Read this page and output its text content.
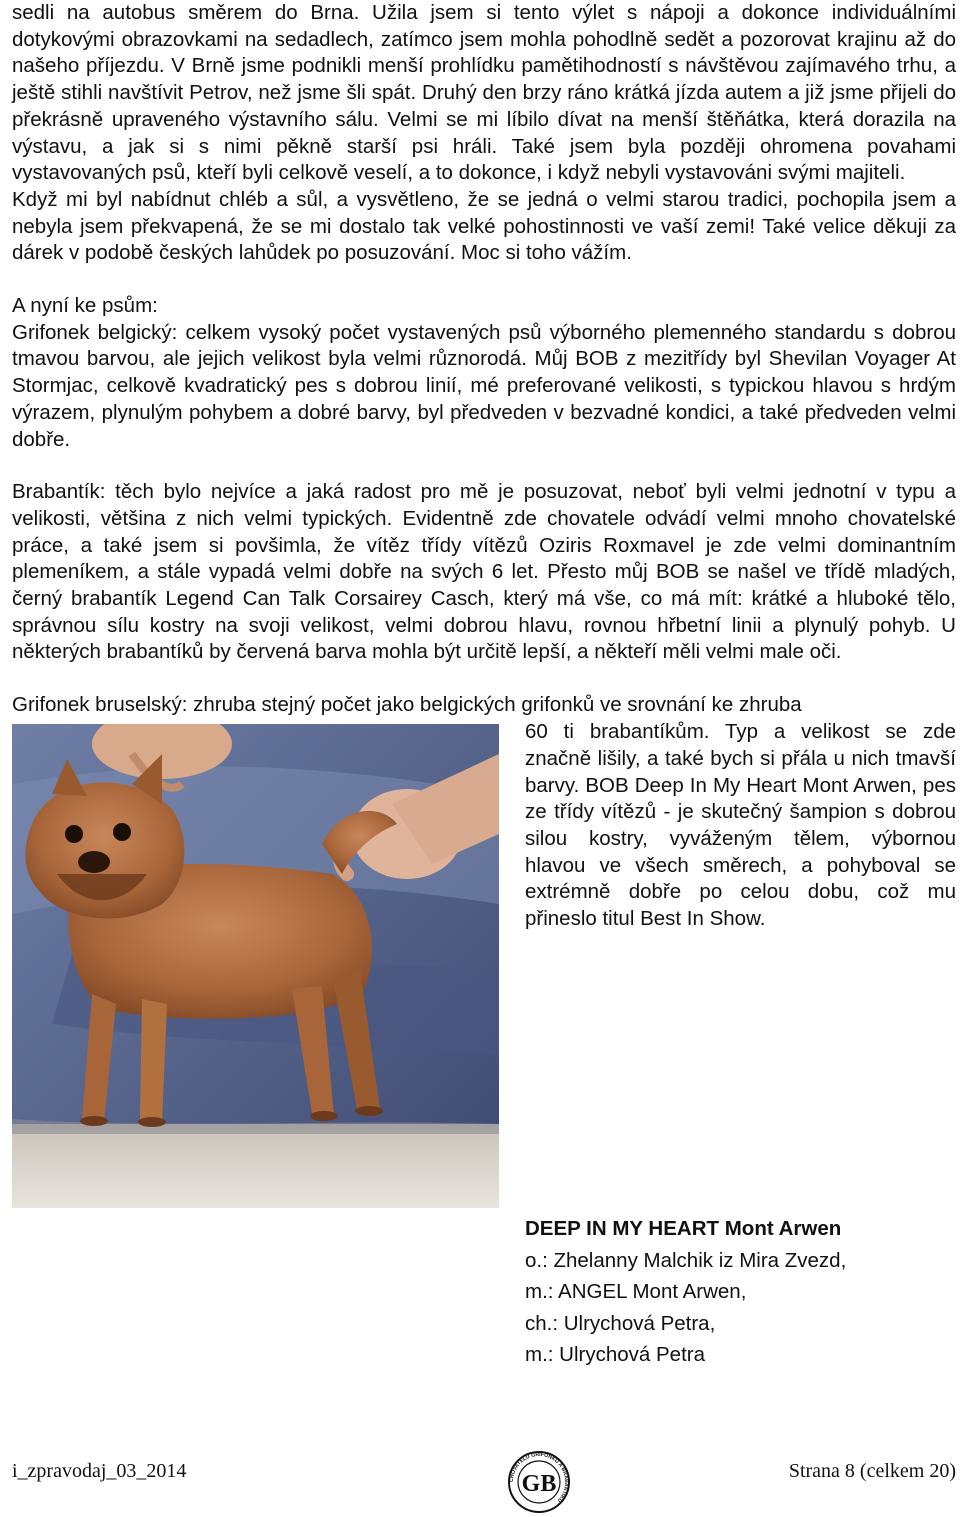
sedli na autobus směrem do Brna. Užila jsem si tento výlet s nápoji a dokonce individuálními dotykovými obrazovkami na sedadlech, zatímco jsem mohla pohodlně sedět a pozorovat krajinu až do našeho příjezdu. V Brně jsme podnikli menší prohlídku pamětihodností s návštěvou zajímavého trhu, a ještě stihli navštívit Petrov, než jsme šli spát. Druhý den brzy ráno krátká jízda autem a již jsme přijeli do překrásně upraveného výstavního sálu. Velmi se mi líbilo dívat na menší štěňátka, která dorazila na výstavu, a jak si s nimi pěkně starší psi hráli. Také jsem byla později ohromena povahami vystavovaných psů, kteří byli celkově veselí, a to dokonce, i když nebyli vystavováni svými majiteli.

Když mi byl nabídnut chléb a sůl, a vysvětleno, že se jedná o velmi starou tradici, pochopila jsem a nebyla jsem překvapená, že se mi dostalo tak velké pohostinnosti ve vaší zemi! Také velice děkuji za dárek v podobě českých lahůdek po posuzování. Moc si toho vážím.

A nyní ke psům:

Grifonek belgický: celkem vysoký počet vystavených psů výborného plemenného standardu s dobrou tmavou barvou, ale jejich velikost byla velmi různorodá. Můj BOB z mezitřídy byl Shevilan Voyager At Stormjac, celkově kvadratický pes s dobrou linií, mé preferované velikosti, s typickou hlavou s hrdým výrazem, plynulým pohybem a dobré barvy, byl předveden v bezvadné kondici, a také předveden velmi dobře.

Brabantík: těch bylo nejvíce a jaká radost pro mě je posuzovat, neboť byli velmi jednotní v typu a velikosti, většina z nich velmi typických. Evidentně zde chovatele odvádí velmi mnoho chovatelské práce, a také jsem si povšimla, že vítěz třídy vítězů Oziris Roxmavel je zde velmi dominantním plemeníkem, a stále vypadá velmi dobře na svých 6 let. Přesto můj BOB se našel ve třídě mladých, černý brabantík Legend Can Talk Corsairey Casch, který má vše, co má mít: krátké a hluboké tělo, správnou sílu kostry na svoji velikost, velmi dobrou hlavu, rovnou hřbetní linii a plynulý pohyb. U některých brabantíků by červená barva mohla být určitě lepší, a někteří měli velmi male oči.

Grifonek bruselský: zhruba stejný počet jako belgických grifonků ve srovnání ke zhruba

60 ti brabantíkům. Typ a velikost se zde značně lišily, a také bych si přála u nich tmavší barvy. BOB Deep In My Heart Mont Arwen, pes ze třídy vítězů - je skutečný šampion s dobrou silou kostry, vyváženým tělem, výbornou hlavou ve všech směrech, a pohyboval se extrémně dobře po celou dobu, což mu přineslo titul Best In Show.

DEEP IN MY HEART Mont Arwen
o.: Zhelanny Malchik iz Mira Zvezd,
m.: ANGEL Mont Arwen,
ch.: Ulrychová Petra,
m.: Ulrychová Petra
i_zpravodaj_03_2014	CHOVATELŮ GRIFONKŮ A BRABANTÍKŮ
GB	Strana 8 (celkem 20)
